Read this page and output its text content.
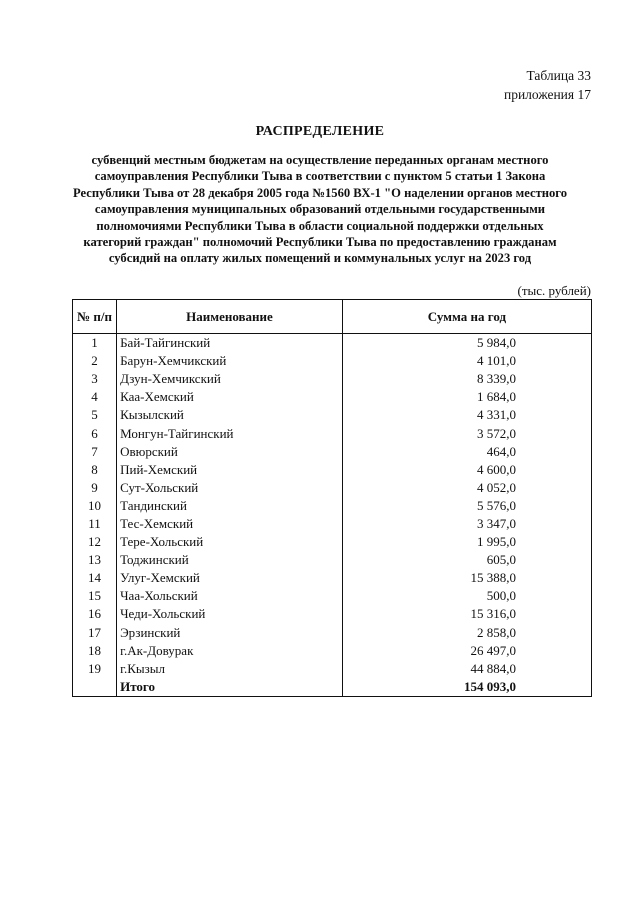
Таблица 33
приложения 17
РАСПРЕДЕЛЕНИЕ
субвенций местным бюджетам на осуществление переданных органам местного
самоуправления Республики Тыва в соответствии с пунктом 5 статьи 1 Закона
Республики Тыва от 28 декабря 2005 года №1560 ВХ-1 "О наделении органов местного
самоуправления муниципальных образований отдельными государственными
полномочиями Республики Тыва в области социальной поддержки отдельных
категорий граждан" полномочий Республики Тыва по предоставлению гражданам
субсидий на оплату жилых помещений и коммунальных услуг на 2023 год
(тыс. рублей)
№ п/п	Наименование	Сумма на год
1	Бай-Тайгинский	5 984,0
2	Барун-Хемчикский	4 101,0
3	Дзун-Хемчикский	8 339,0
4	Каа-Хемский	1 684,0
5	Кызылский	4 331,0
6	Монгун-Тайгинский	3 572,0
7	Овюрский	464,0
8	Пий-Хемский	4 600,0
9	Сут-Хольский	4 052,0
10	Тандинский	5 576,0
11	Тес-Хемский	3 347,0
12	Тере-Хольский	1 995,0
13	Тоджинский	605,0
14	Улуг-Хемский	15 388,0
15	Чаа-Хольский	500,0
16	Чеди-Хольский	15 316,0
17	Эрзинский	2 858,0
18	г.Ак-Довурак	26 497,0
19	г.Кызыл	44 884,0
	Итого	154 093,0
